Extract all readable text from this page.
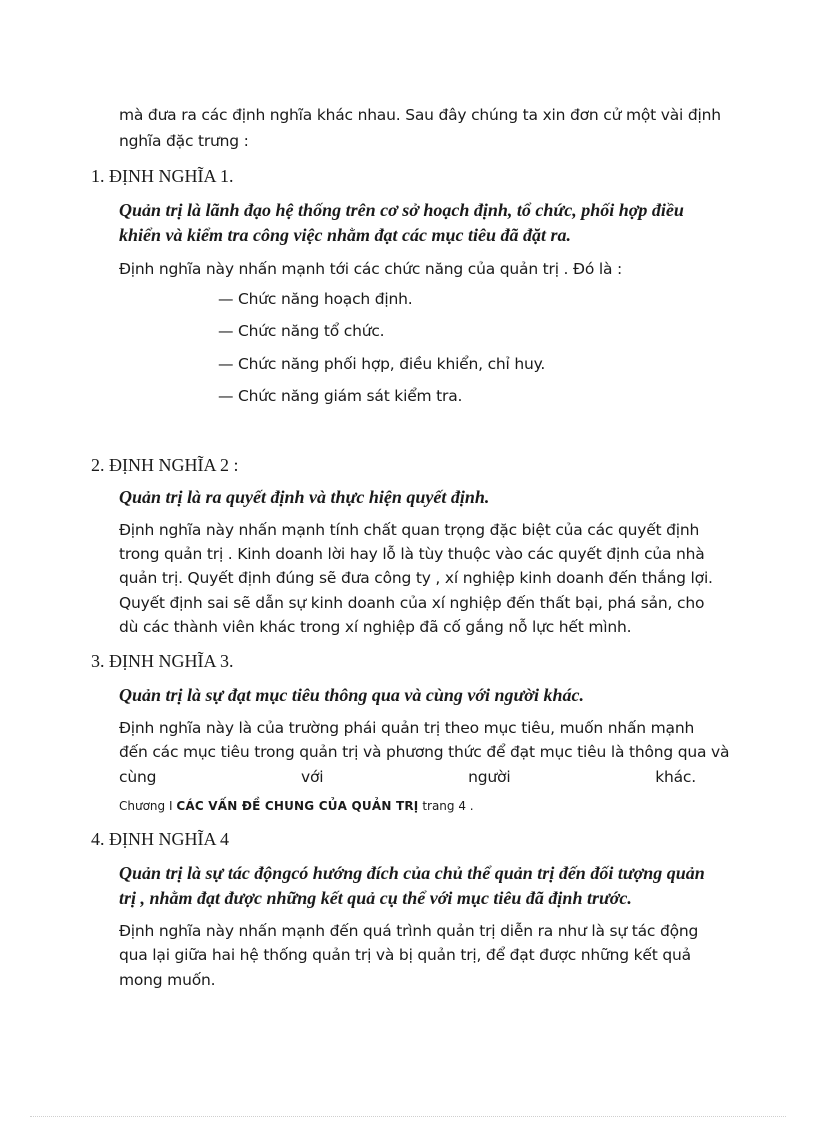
mà đưa ra các định nghĩa khác nhau. Sau đây chúng ta xin đơn cử một vài định
nghĩa đặc trưng :
1. ĐỊNH NGHĨA 1.
Quản trị là lãnh đạo hệ thống trên cơ sở hoạch định, tổ chức, phối hợp điều
khiển và kiểm tra công việc nhằm đạt các mục tiêu đã đặt ra.
Định nghĩa này nhấn mạnh tới các chức năng của quản trị . Đó là :
— Chức năng hoạch định.
— Chức năng tổ chức.
— Chức năng phối hợp, điều khiển, chỉ huy.
— Chức năng giám sát kiểm tra.
2. ĐỊNH NGHĨA 2 :
Quản trị là ra quyết định và thực hiện quyết định.
Định nghĩa này nhấn mạnh tính chất quan trọng đặc biệt của các quyết định
trong quản trị . Kinh doanh lời hay lỗ là tùy thuộc vào các quyết định của nhà
quản trị. Quyết định đúng sẽ đưa công ty , xí nghiệp kinh doanh đến thắng lợi.
Quyết định sai sẽ dẫn sự kinh doanh của xí nghiệp đến thất bại, phá sản, cho
dù các thành viên khác trong xí nghiệp đã cố gắng nỗ lực hết mình.
3. ĐỊNH NGHĨA 3.
Quản trị là sự đạt mục tiêu thông qua và cùng với người khác.
Định nghĩa này là của trường phái quản trị theo mục tiêu, muốn nhấn mạnh
đến các mục tiêu trong quản trị và phương thức để đạt mục tiêu là thông qua và
cùng	với	người	khác.
Chương I CÁC VẤN ĐỀ CHUNG CỦA QUẢN TRỊ trang 4 .
4. ĐỊNH NGHĨA 4
Quản trị là sự tác độngcó hướng đích của chủ thể quản trị đến đối tượng quản
trị , nhằm đạt được những kết quả cụ thể với mục tiêu đã định trước.
Định nghĩa này nhấn mạnh đến quá trình quản trị diễn ra như là sự tác động
qua lại giữa hai hệ thống quản trị và bị quản trị, để đạt được những kết quả
mong muốn.
